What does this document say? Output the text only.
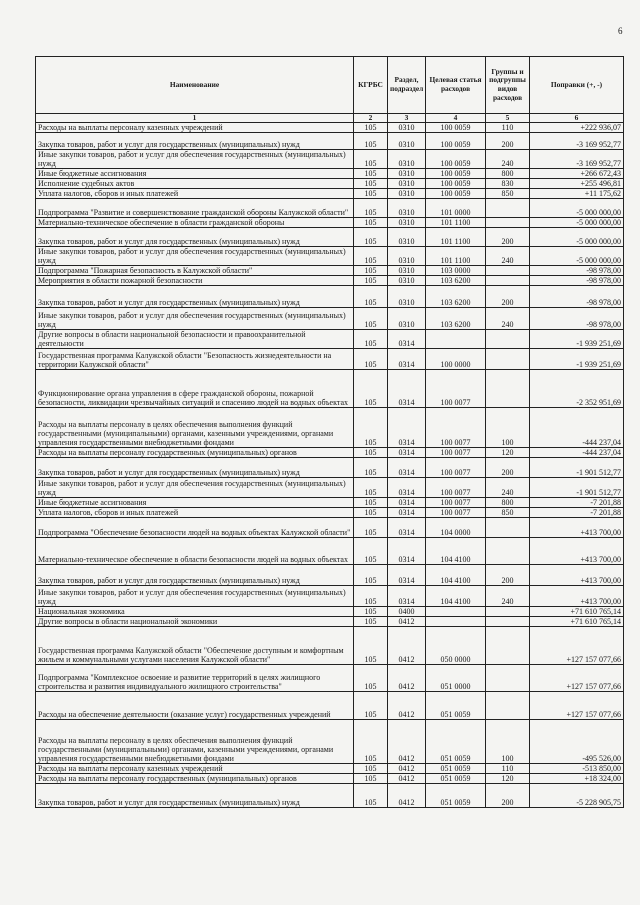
6
Наименование	КГРБС	Раздел, подраздел	Целевая статья расходов	Группы и подгруппы видов расходов	Поправки (+, -)
1	2	3	4	5	6
Расходы на выплаты персоналу казенных учреждений	105	0310	100 0059	110	+222 936,07
Закупка товаров, работ и услуг для государственных (муниципальных) нужд	105	0310	100 0059	200	-3 169 952,77
Иные закупки товаров, работ и услуг для обеспечения государственных (муниципальных) нужд	105	0310	100 0059	240	-3 169 952,77
Иные бюджетные ассигнования	105	0310	100 0059	800	+266 672,43
Исполнение судебных актов	105	0310	100 0059	830	+255 496,81
Уплата налогов, сборов и иных платежей	105	0310	100 0059	850	+11 175,62
Подпрограмма "Развитие и совершенствование гражданской обороны Калужской области"	105	0310	101 0000		-5 000 000,00
Материально-техническое обеспечение в области гражданской обороны	105	0310	101 1100		-5 000 000,00
Закупка товаров, работ и услуг для государственных (муниципальных) нужд	105	0310	101 1100	200	-5 000 000,00
Иные закупки товаров, работ и услуг для обеспечения государственных (муниципальных) нужд	105	0310	101 1100	240	-5 000 000,00
Подпрограмма "Пожарная безопасность в Калужской области"	105	0310	103 0000		-98 978,00
Мероприятия в области пожарной безопасности	105	0310	103 6200		-98 978,00
Закупка товаров, работ и услуг для государственных (муниципальных) нужд	105	0310	103 6200	200	-98 978,00
Иные закупки товаров, работ и услуг для обеспечения государственных (муниципальных) нужд	105	0310	103 6200	240	-98 978,00
Другие вопросы в области национальной безопасности и правоохранительной деятельности	105	0314			-1 939 251,69
Государственная программа Калужской области "Безопасность жизнедеятельности на территории Калужской области"	105	0314	100 0000		-1 939 251,69
Функционирование органа управления в сфере гражданской обороны, пожарной безопасности, ликвидации чрезвычайных ситуаций и спасению людей на водных объектах	105	0314	100 0077		-2 352 951,69
Расходы на выплаты персоналу в целях обеспечения выполнения функций государственными (муниципальными) органами, казенными учреждениями, органами управления государственными внебюджетными фондами	105	0314	100 0077	100	-444 237,04
Расходы на выплаты персоналу государственных (муниципальных) органов	105	0314	100 0077	120	-444 237,04
Закупка товаров, работ и услуг для государственных (муниципальных) нужд	105	0314	100 0077	200	-1 901 512,77
Иные закупки товаров, работ и услуг для обеспечения государственных (муниципальных) нужд	105	0314	100 0077	240	-1 901 512,77
Иные бюджетные ассигнования	105	0314	100 0077	800	-7 201,88
Уплата налогов, сборов и иных платежей	105	0314	100 0077	850	-7 201,88
Подпрограмма "Обеспечение безопасности людей на водных объектах Калужской области"	105	0314	104 0000		+413 700,00
Материально-техническое обеспечение в области безопасности людей на водных объектах	105	0314	104 4100		+413 700,00
Закупка товаров, работ и услуг для государственных (муниципальных) нужд	105	0314	104 4100	200	+413 700,00
Иные закупки товаров, работ и услуг для обеспечения государственных (муниципальных) нужд	105	0314	104 4100	240	+413 700,00
Национальная экономика	105	0400			+71 610 765,14
Другие вопросы в области национальной экономики	105	0412			+71 610 765,14
Государственная программа Калужской области "Обеспечение доступным и комфортным жильем и коммунальными услугами населения Калужской области"	105	0412	050 0000		+127 157 077,66
Подпрограмма "Комплексное освоение и развитие территорий в целях жилищного строительства и развития индивидуального жилищного строительства"	105	0412	051 0000		+127 157 077,66
Расходы на обеспечение деятельности (оказание услуг) государственных учреждений	105	0412	051 0059		+127 157 077,66
Расходы на выплаты персоналу в целях обеспечения выполнения функций государственными (муниципальными) органами, казенными учреждениями, органами управления государственными внебюджетными фондами	105	0412	051 0059	100	-495 526,00
Расходы на выплаты персоналу казенных учреждений	105	0412	051 0059	110	-513 850,00
Расходы на выплаты персоналу государственных (муниципальных) органов	105	0412	051 0059	120	+18 324,00
Закупка товаров, работ и услуг для государственных (муниципальных) нужд	105	0412	051 0059	200	-5 228 905,75
